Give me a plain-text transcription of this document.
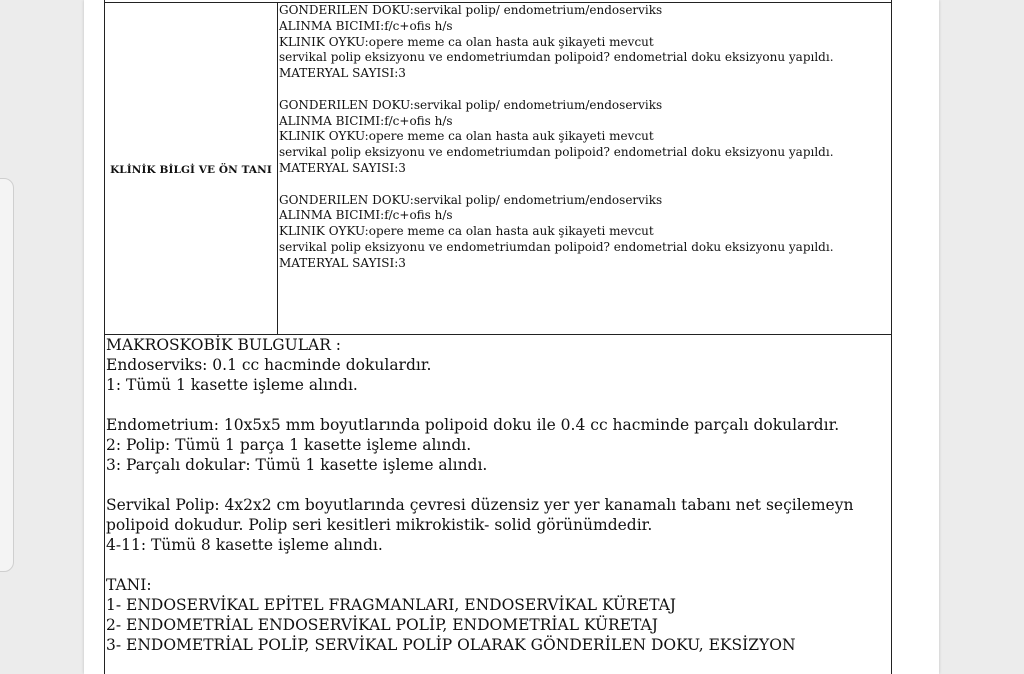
KLİNİK BİLGİ VE ÖN TANI
GONDERILEN DOKU:servikal polip/ endometrium/endoserviks
ALINMA BICIMI:f/c+ofis h/s
KLINIK OYKU:opere meme ca olan hasta auk şikayeti mevcut
servikal polip eksizyonu ve endometriumdan polipoid? endometrial doku eksizyonu yapıldı.
MATERYAL SAYISI:3
GONDERILEN DOKU:servikal polip/ endometrium/endoserviks
ALINMA BICIMI:f/c+ofis h/s
KLINIK OYKU:opere meme ca olan hasta auk şikayeti mevcut
servikal polip eksizyonu ve endometriumdan polipoid? endometrial doku eksizyonu yapıldı.
MATERYAL SAYISI:3
GONDERILEN DOKU:servikal polip/ endometrium/endoserviks
ALINMA BICIMI:f/c+ofis h/s
KLINIK OYKU:opere meme ca olan hasta auk şikayeti mevcut
servikal polip eksizyonu ve endometriumdan polipoid? endometrial doku eksizyonu yapıldı.
MATERYAL SAYISI:3
MAKROSKOBİK BULGULAR :
Endoserviks: 0.1 cc hacminde dokulardır.
1: Tümü 1 kasette işleme alındı.
Endometrium: 10x5x5 mm boyutlarında polipoid doku ile 0.4 cc hacminde parçalı dokulardır.
2: Polip: Tümü 1 parça 1 kasette işleme alındı.
3: Parçalı dokular: Tümü 1 kasette işleme alındı.
Servikal Polip: 4x2x2 cm boyutlarında çevresi düzensiz yer yer kanamalı tabanı net seçilemeyn
polipoid dokudur. Polip seri kesitleri mikrokistik- solid görünümdedir.
4-11: Tümü 8 kasette işleme alındı.
TANI:
1- ENDOSERVİKAL EPİTEL FRAGMANLARI, ENDOSERVİKAL KÜRETAJ
2- ENDOMETRİAL ENDOSERVİKAL POLİP, ENDOMETRİAL KÜRETAJ
3- ENDOMETRİAL POLİP, SERVİKAL POLİP OLARAK GÖNDERİLEN DOKU, EKSİZYON
